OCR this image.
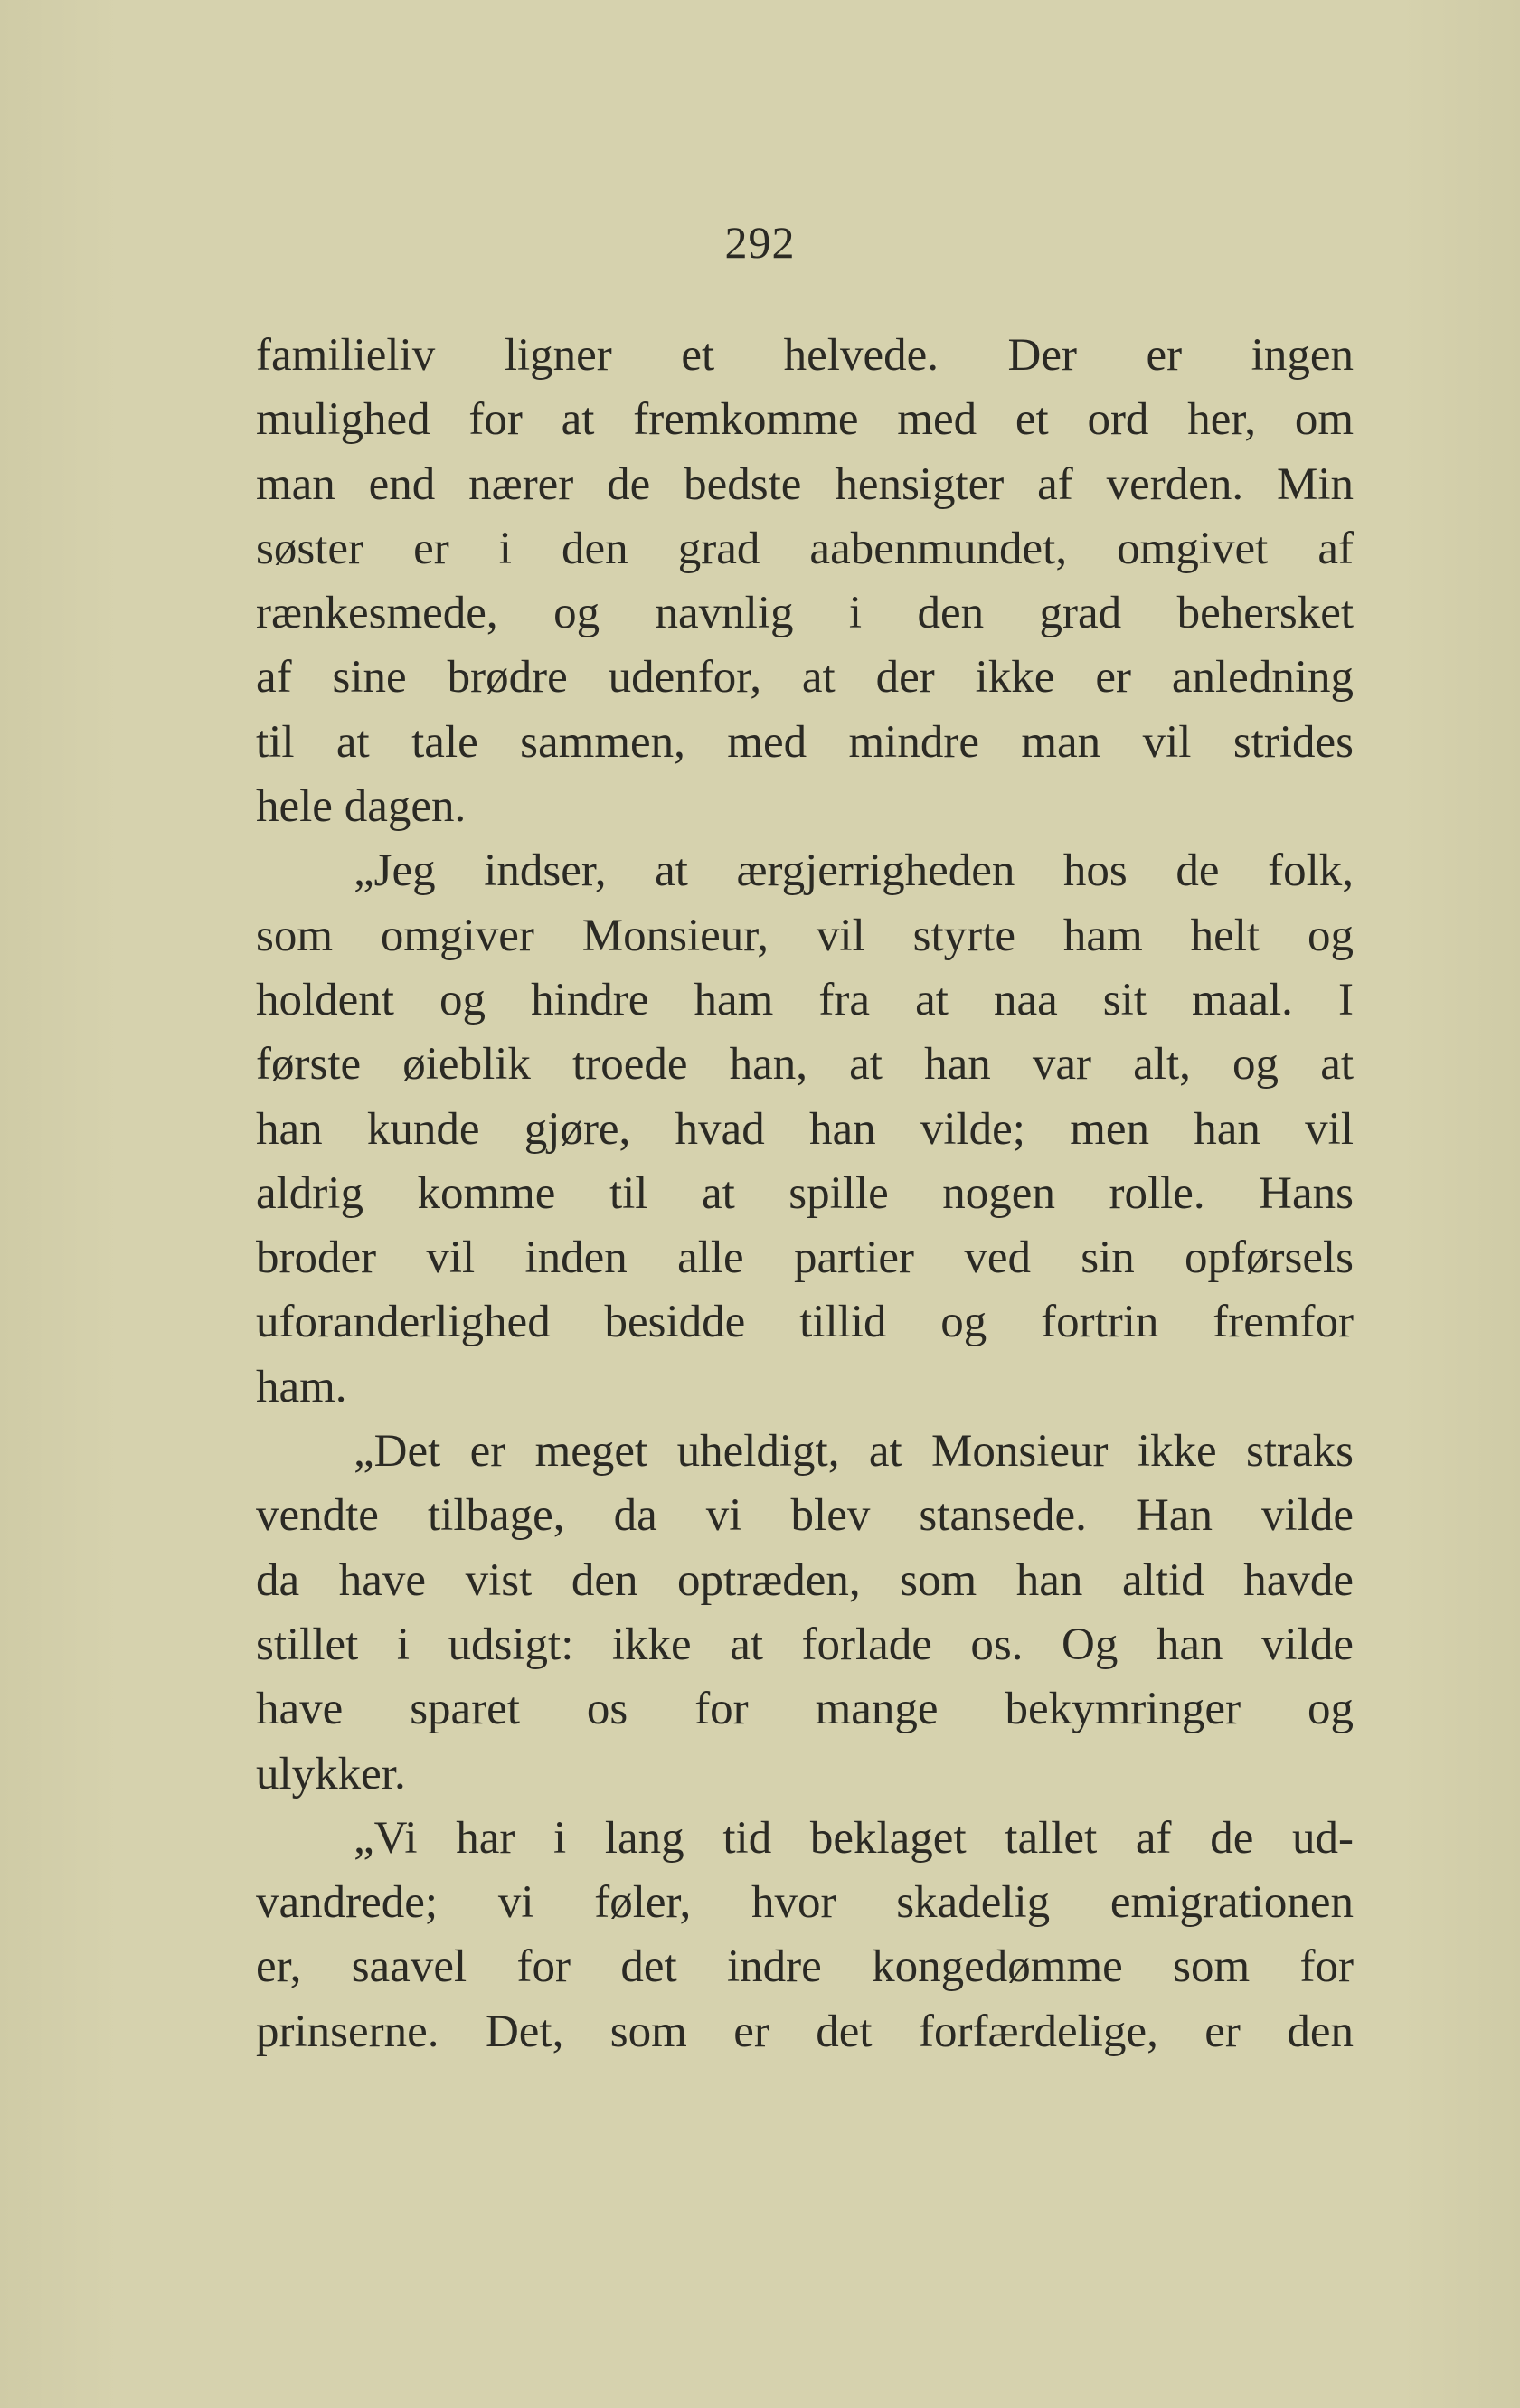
292
familieliv ligner et helvede. Der er ingen
mulighed for at fremkomme med et ord her, om
man end nærer de bedste hensigter af verden. Min
søster er i den grad aabenmundet, omgivet af
rænkesmede, og navnlig i den grad behersket
af sine brødre udenfor, at der ikke er anledning
til at tale sammen, med mindre man vil strides
hele dagen.
„Jeg indser, at ærgjerrigheden hos de folk,
som omgiver Monsieur, vil styrte ham helt og
holdent og hindre ham fra at naa sit maal. I
første øieblik troede han, at han var alt, og at
han kunde gjøre, hvad han vilde; men han vil
aldrig komme til at spille nogen rolle. Hans
broder vil inden alle partier ved sin opførsels
uforanderlighed besidde tillid og fortrin fremfor
ham.
„Det er meget uheldigt, at Monsieur ikke straks
vendte tilbage, da vi blev stansede. Han vilde
da have vist den optræden, som han altid havde
stillet i udsigt: ikke at forlade os. Og han vilde
have sparet os for mange bekymringer og
ulykker.
„Vi har i lang tid beklaget tallet af de ud-
vandrede; vi føler, hvor skadelig emigrationen
er, saavel for det indre kongedømme som for
prinserne. Det, som er det forfærdelige, er den
